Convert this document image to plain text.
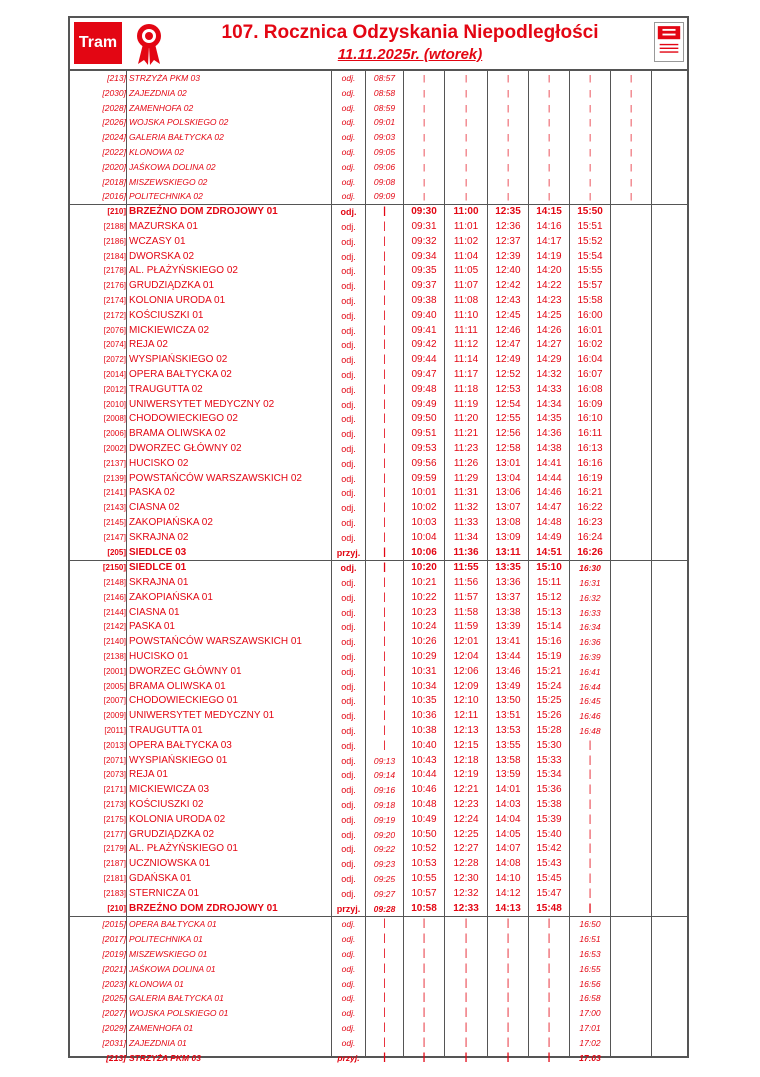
Tram	107. Rocznica Odzyskania Niepodległości
11.11.2025r. (wtorek)
[213] STRZYŻA PKM 03	odj.	08:57	|	|	|	|	|	|
[2030] ZAJEZDNIA 02	odj.	08:58	|	|	|	|	|	|
[2028] ZAMENHOFA 02	odj.	08:59	|	|	|	|	|	|
[2026] WOJSKA POLSKIEGO 02	odj.	09:01	|	|	|	|	|	|
[2024] GALERIA BAŁTYCKA 02	odj.	09:03	|	|	|	|	|	|
[2022] KLONOWA 02	odj.	09:05	|	|	|	|	|	|
[2020] JAŚKOWA DOLINA 02	odj.	09:06	|	|	|	|	|	|
[2018] MISZEWSKIEGO 02	odj.	09:08	|	|	|	|	|	|
[2016] POLITECHNIKA 02	odj.	09:09	|	|	|	|	|	|
[210] BRZEŹNO DOM ZDROJOWY 01	odj.	|	09:30	11:00	12:35	14:15	15:50
[2188] MAZURSKA 01	odj.	|	09:31	11:01	12:36	14:16	15:51
[2186] WCZASY 01	odj.	|	09:32	11:02	12:37	14:17	15:52
[2184] DWORSKA 02	odj.	|	09:34	11:04	12:39	14:19	15:54
[2178] AL. PŁAŻYŃSKIEGO 02	odj.	|	09:35	11:05	12:40	14:20	15:55
[2176] GRUDZIĄDZKA 01	odj.	|	09:37	11:07	12:42	14:22	15:57
[2174] KOLONIA URODA 01	odj.	|	09:38	11:08	12:43	14:23	15:58
[2172] KOŚCIUSZKI 01	odj.	|	09:40	11:10	12:45	14:25	16:00
[2076] MICKIEWICZA 02	odj.	|	09:41	11:11	12:46	14:26	16:01
[2074] REJA 02	odj.	|	09:42	11:12	12:47	14:27	16:02
[2072] WYSPIAŃSKIEGO 02	odj.	|	09:44	11:14	12:49	14:29	16:04
[2014] OPERA BAŁTYCKA 02	odj.	|	09:47	11:17	12:52	14:32	16:07
[2012] TRAUGUTTA 02	odj.	|	09:48	11:18	12:53	14:33	16:08
[2010] UNIWERSYTET MEDYCZNY 02	odj.	|	09:49	11:19	12:54	14:34	16:09
[2008] CHODOWIECKIEGO 02	odj.	|	09:50	11:20	12:55	14:35	16:10
[2006] BRAMA OLIWSKA 02	odj.	|	09:51	11:21	12:56	14:36	16:11
[2002] DWORZEC GŁÓWNY 02	odj.	|	09:53	11:23	12:58	14:38	16:13
[2137] HUCISKO 02	odj.	|	09:56	11:26	13:01	14:41	16:16
[2139] POWSTAŃCÓW WARSZAWSKICH 02	odj.	|	09:59	11:29	13:04	14:44	16:19
[2141] PASKA 02	odj.	|	10:01	11:31	13:06	14:46	16:21
[2143] CIASNA 02	odj.	|	10:02	11:32	13:07	14:47	16:22
[2145] ZAKOPIAŃSKA 02	odj.	|	10:03	11:33	13:08	14:48	16:23
[2147] SKRAJNA 02	odj.	|	10:04	11:34	13:09	14:49	16:24
[205] SIEDLCE 03	przyj.	|	10:06	11:36	13:11	14:51	16:26
[2150] SIEDLCE 01	odj.	|	10:20	11:55	13:35	15:10	16:30
[2148] SKRAJNA 01	odj.	|	10:21	11:56	13:36	15:11	16:31
[2146] ZAKOPIAŃSKA 01	odj.	|	10:22	11:57	13:37	15:12	16:32
[2144] CIASNA 01	odj.	|	10:23	11:58	13:38	15:13	16:33
[2142] PASKA 01	odj.	|	10:24	11:59	13:39	15:14	16:34
[2140] POWSTAŃCÓW WARSZAWSKICH 01	odj.	|	10:26	12:01	13:41	15:16	16:36
[2138] HUCISKO 01	odj.	|	10:29	12:04	13:44	15:19	16:39
[2001] DWORZEC GŁÓWNY 01	odj.	|	10:31	12:06	13:46	15:21	16:41
[2005] BRAMA OLIWSKA 01	odj.	|	10:34	12:09	13:49	15:24	16:44
[2007] CHODOWIECKIEGO 01	odj.	|	10:35	12:10	13:50	15:25	16:45
[2009] UNIWERSYTET MEDYCZNY 01	odj.	|	10:36	12:11	13:51	15:26	16:46
[2011] TRAUGUTTA 01	odj.	|	10:38	12:13	13:53	15:28	16:48
[2013] OPERA BAŁTYCKA 03	odj.	|	10:40	12:15	13:55	15:30	|
[2071] WYSPIAŃSKIEGO 01	odj.	09:13	10:43	12:18	13:58	15:33	|
[2073] REJA 01	odj.	09:14	10:44	12:19	13:59	15:34	|
[2171] MICKIEWICZA 03	odj.	09:16	10:46	12:21	14:01	15:36	|
[2173] KOŚCIUSZKI 02	odj.	09:18	10:48	12:23	14:03	15:38	|
[2175] KOLONIA URODA 02	odj.	09:19	10:49	12:24	14:04	15:39	|
[2177] GRUDZIĄDZKA 02	odj.	09:20	10:50	12:25	14:05	15:40	|
[2179] AL. PŁAŻYŃSKIEGO 01	odj.	09:22	10:52	12:27	14:07	15:42	|
[2187] UCZNIOWSKA 01	odj.	09:23	10:53	12:28	14:08	15:43	|
[2181] GDAŃSKA 01	odj.	09:25	10:55	12:30	14:10	15:45	|
[2183] STERNICZA 01	odj.	09:27	10:57	12:32	14:12	15:47	|
[210] BRZEŹNO DOM ZDROJOWY 01	przyj.	09:28	10:58	12:33	14:13	15:48	|
[2015] OPERA BAŁTYCKA 01	odj.	|	|	|	|	|	16:50
[2017] POLITECHNIKA 01	odj.	|	|	|	|	|	16:51
[2019] MISZEWSKIEGO 01	odj.	|	|	|	|	|	16:53
[2021] JAŚKOWA DOLINA 01	odj.	|	|	|	|	|	16:55
[2023] KLONOWA 01	odj.	|	|	|	|	|	16:56
[2025] GALERIA BAŁTYCKA 01	odj.	|	|	|	|	|	16:58
[2027] WOJSKA POLSKIEGO 01	odj.	|	|	|	|	|	17:00
[2029] ZAMENHOFA 01	odj.	|	|	|	|	|	17:01
[2031] ZAJEZDNIA 01	odj.	|	|	|	|	|	17:02
[213] STRZYŻA PKM 03	przyj.	|	|	|	|	|	17:03
